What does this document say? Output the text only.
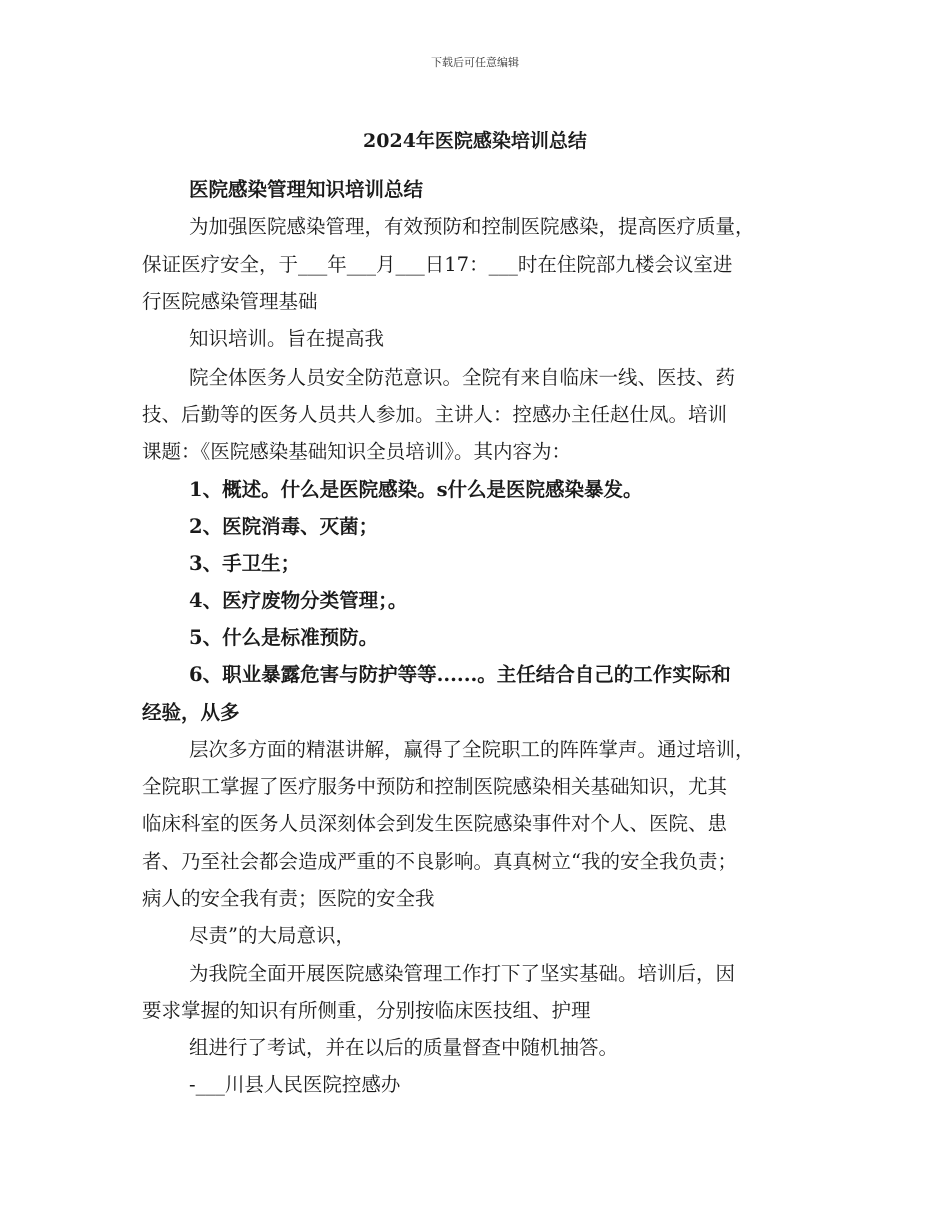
下载后可任意编辑
2024年医院感染培训总结
医院感染管理知识培训总结
为加强医院感染管理，有效预防和控制医院感染，提高医疗质量，
保证医疗安全，于___年___月___日17：___时在住院部九楼会议室进
行医院感染管理基础
知识培训。旨在提高我
院全体医务人员安全防范意识。全院有来自临床一线、医技、药
技、后勤等的医务人员共人参加。主讲人：控感办主任赵仕凤。培训
课题：《医院感染基础知识全员培训》。其内容为：
1、概述。什么是医院感染。s什么是医院感染暴发。
2、医院消毒、灭菌；
3、手卫生；
4、医疗废物分类管理；。
5、什么是标准预防。
6、职业暴露危害与防护等等......。主任结合自己的工作实际和
经验，从多
层次多方面的精湛讲解，赢得了全院职工的阵阵掌声。通过培训，
全院职工掌握了医疗服务中预防和控制医院感染相关基础知识，尤其
临床科室的医务人员深刻体会到发生医院感染事件对个人、医院、患
者、乃至社会都会造成严重的不良影响。真真树立“我的安全我负责；
病人的安全我有责；医院的安全我
尽责”的大局意识，
为我院全面开展医院感染管理工作打下了坚实基础。培训后，因
要求掌握的知识有所侧重，分别按临床医技组、护理
组进行了考试，并在以后的质量督查中随机抽答。
-___川县人民医院控感办
